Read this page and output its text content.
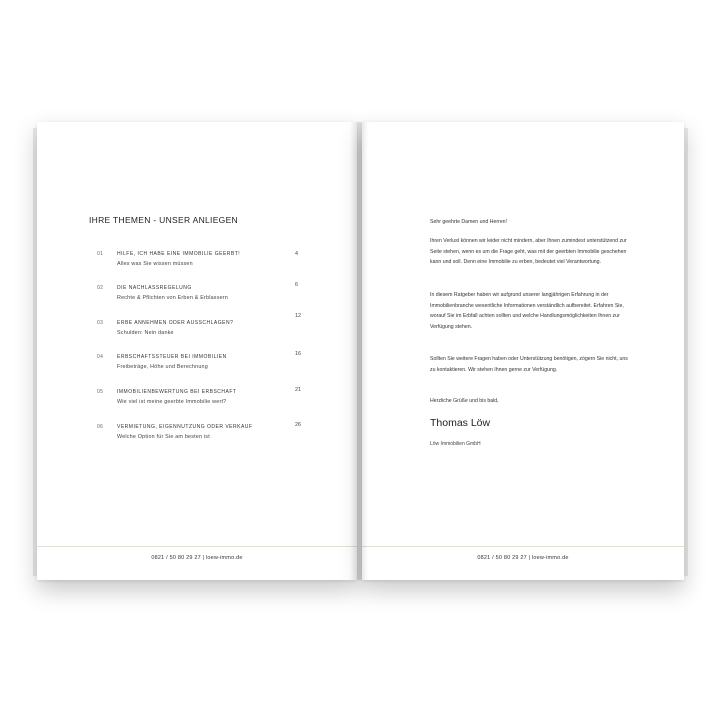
IHRE THEMEN - UNSER ANLIEGEN
01	HILFE, ICH HABE EINE IMMOBILIE GEERBT!
Alles was Sie wissen müssen
4
02	DIE NACHLASSREGELUNG
Rechte & Pflichten von Erben & Erblassern
6
03	ERBE ANNEHMEN ODER AUSSCHLAGEN?
Schulden: Nein danke
12
04	ERBSCHAFTSSTEUER BEI IMMOBILIEN
Freibeträge, Höhe und Berechnung
16
05	IMMOBILIENBEWERTUNG BEI ERBSCHAFT
Wie viel ist meine geerbte Immobilie wert?
21
06	VERMIETUNG, EIGENNUTZUNG ODER VERKAUF
Welche Option für Sie am besten ist
26
0821 / 50 80 29 27 | loew-immo.de

Sehr geehrte Damen und Herren!

Ihren Verlust können wir leider nicht mindern, aber Ihnen zumindest unterstützend zur Seite stehen, wenn es um die Frage geht, was mit der geerbten Immobilie geschehen kann und soll. Denn eine Immobilie zu erben, bedeutet viel Verantwortung.

In diesem Ratgeber haben wir aufgrund unserer langjährigen Erfahrung in der Immobilienbranche wesentliche Informationen verständlich aufbereitet. Erfahren Sie, worauf Sie im Erbfall achten sollten und welche Handlungsmöglichkeiten Ihnen zur Verfügung stehen.

Sollten Sie weitere Fragen haben oder Unterstützung benötigen, zögern Sie nicht, uns zu kontaktieren. Wir stehen Ihnen gerne zur Verfügung.

Herzliche Grüße und bis bald,

Thomas Löw
Löw Immobilien GmbH
0821 / 50 80 29 27 | loew-immo.de
